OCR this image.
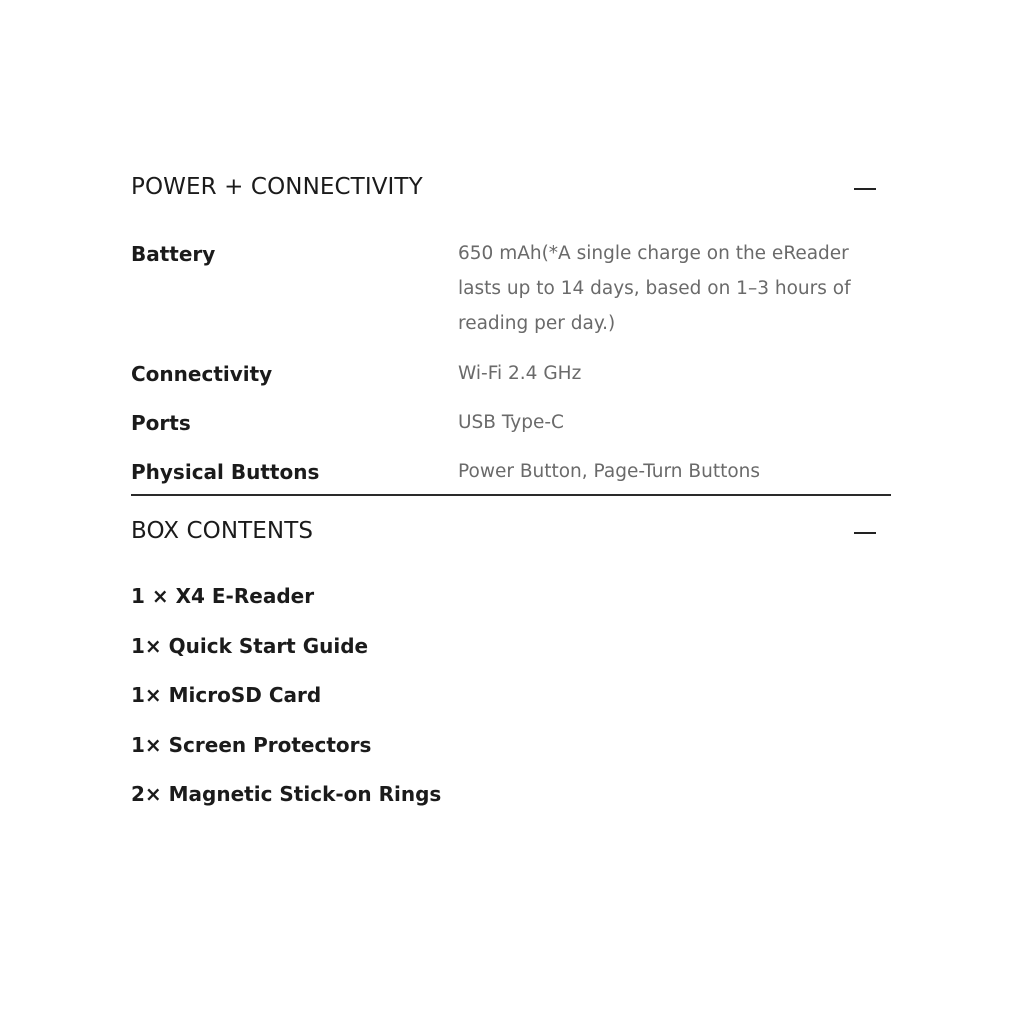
POWER + CONNECTIVITY
Battery	650 mAh(*A single charge on the eReader lasts up to 14 days, based on 1–3 hours of reading per day.)
Connectivity	Wi-Fi 2.4 GHz
Ports	USB Type-C
Physical Buttons	Power Button, Page-Turn Buttons
BOX CONTENTS
1 × X4 E-Reader
1× Quick Start Guide
1× MicroSD Card
1× Screen Protectors
2× Magnetic Stick-on Rings
